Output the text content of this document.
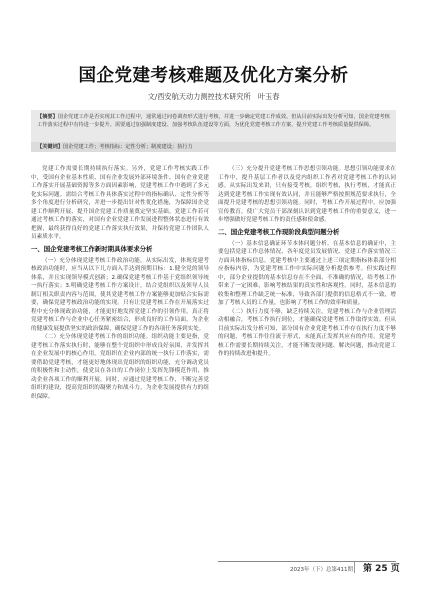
国企党建考核难题及优化方案分析
文/西安航天动力测控技术研究所　叶玉春
【摘要】国企党建工作是否实现其工作过程中，通常通过问卷调查形式进行考核，并进一步确定党建工作成效。但从目前实际出发分析可知，国企党建考核工作落实过程中有待进一步提升。需要通过加强制度建设、加强考核队伍建设等方面，为优化党建考核工作方案，提升党建工作考核质量提供保障。
【关键词】国企党建工作；考核指标；定性分析；制度建设；执行力

党建工作需要长期持续执行落实。另外，党建工作考核实践工作中，受国有企业基本性质、国有企业发展外部环境条件、国有企业党建工作落实开展基础资源等多方面因素影响，党建考核工作中遇到了多元化实际问题。需结合考核工作具体落实过程中的指标确认、定性分析等多个角度进行分析研究，并进一步提出针对性优化措施，为保障国企党建工作顺利开展、提升国企党建工作质量奠定坚实基础。党建工作若可通过考核工作的落实，对国有企业党建工作发展进程整体状态进行有效把握，最终获得良好的党建工作落实执行效果，并保持党建工作团队人员素质水平。

一、国企党建考核工作新时期具体要求分析

（一）充分体现党建考核工作政治功能。从实际出发，体现党建考核政治功能时，应当从以下几方面入手达到预期目标：1.健全党的领导体系，并且实现领导模式创新；2.确保党建考核工作基于党组织领导统一执行落实；3.明确党建考核工作方案设计，结合党组织以及领导人员制订相关职责内容与范围，使其党建考核工作方案能够更加贴合实际需要，确保党建考核政治功能的实现。只有让党建考核工作在开展落实过程中充分体现政治功能，才能更好地发挥党建工作的引领作用，真正将党建考核工作与企业中心任务紧密结合，形成良好的工作局面，为企业的健康发展提供坚实的政治保障，确保党建工作的各项任务落到实处。

（二）充分体现党建考核工作的组织功能。组织功能主要是指，党建考核工作落实执行时，能够在整个党组织中形成良好氛围，并发挥其在企业发展中的核心作用。党组织在企业内部的统一执行工作落实，需要借助党建考核，才能更好地体现出党组织的组织功能，充分调动党员的积极性和主动性，使党员在各自的工作岗位上发挥先锋模范作用，推动企业各项工作的顺利开展。同时，应通过党建考核工作，不断完善党组织的建设，提高党组织的凝聚力和战斗力，为企业发展提供有力的组织保障。

（三）充分提升党建考核工作思想引领功能。思想引领功能要求在工作中，提升基层工作者以及党内组织工作者对党建考核工作的认同感。从实际出发来讲，只有接受考核，组织考核，执行考核，才能真正达到党建考核工作实现有效认同，并且能够严格按照规范要求执行，全面提升党建考核的思想引领功能。同时，考核工作开展过程中，应加强宣传教育，使广大党员干部深刻认识到党建考核工作的重要意义，进一步增强做好党建考核工作的责任感和使命感。

二、国企党建考核工作现阶段典型问题分析

（一）基本信息确证环节本体问题分析。在基本信息的确证中，主要包括党建工作总体情况、各年度党员发展情况、党建工作落实情况三方面具体指标信息。党建考核中主要通过上述三项定期指标体系部分相应指标内容，为党建考核工作中实际问题分析提供参考。但实践过程中，部分企业提供的基本信息存在不全面、不准确的情况，给考核工作带来了一定困难，影响考核结果的真实性和客观性。同时，基本信息的收集和整理工作缺乏统一标准，导致各部门提供的信息格式不一致，增加了考核人员的工作量，也影响了考核工作的效率和质量。

（二）执行力度不够，缺乏持续关注。党建考核工作与企业管理活动相融合，考核工作执行到位，才能确保党建考核工作取得实效。但从目前实际出发分析可知，部分国有企业党建考核工作存在执行力度不够的问题，考核工作往往流于形式，未能真正发挥其应有的作用。党建考核工作需要长期持续关注，才能不断发现问题、解决问题，推动党建工作的持续改进和提升。

2023年（下）总第411期 第 25 页
